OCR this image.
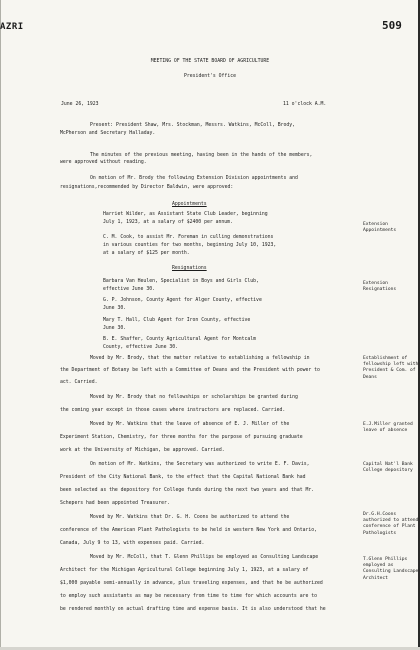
AZRI	509
MEETING OF THE STATE BOARD OF AGRICULTURE
President's Office
June 26, 1923	11 o'clock A.M.
Present: President Shaw, Mrs. Stockman, Messrs. Watkins, McColl, Brody,
McPherson and Secretary Halladay.
The minutes of the previous meeting, having been in the hands of the members,
were approved without reading.
On motion of Mr. Brody the following Extension Division appointments and
resignations,recommended by Director Baldwin, were approved:
Appointments
Harriet Wilder, as Assistant State Club Leader, beginning
July 1, 1923, at a salary of $2400 per annum.	Extension Appointments
C. M. Cook, to assist Mr. Foreman in culling demonstrations
in various counties for two months, beginning July 10, 1923,
at a salary of $125 per month.
Resignations
Barbara Van Heulen, Specialist in Boys and Girls Club,
effective June 30.
Extension Resignations
G. P. Johnson, County Agent for Alger County, effective
June 30.
Mary T. Hall, Club Agent for Iron County, effective
June 30.
B. E. Shaffer, County Agricultural Agent for Montcalm
County, effective June 30.
Moved by Mr. Brody, that the matter relative to establishing a fellowship in
the Department of Botany be left with a Committee of Deans and the President with power to
act. Carried.
Establishment of fellowship left with President & Com. of Deans
Moved by Mr. Brody that no fellowships or scholarships be granted during
the coming year except in those cases where instructors are replaced. Carried.
Moved by Mr. Watkins that the leave of absence of E. J. Miller of the
Experiment Station, Chemistry, for three months for the purpose of pursuing graduate
work at the University of Michigan, be approved. Carried.
E.J.Miller granted leave of absence
On motion of Mr. Watkins, the Secretary was authorized to write E. F. Davis,
President of the City National Bank, to the effect that the Capital National Bank had
been selected as the depository for College funds during the next two years and that Mr.
Schepers had been appointed Treasurer.
Capital Nat'l Bank College depository
Moved by Mr. Watkins that Dr. G. H. Coons be authorized to attend the
conference of the American Plant Pathologists to be held in western New York and Ontario,
Canada, July 9 to 13, with expenses paid. Carried.
Dr.G.H.Coons authorized to attend conference of Plant Pathologists
Moved by Mr. McColl, that T. Glenn Phillips be employed as Consulting Landscape
Architect for the Michigan Agricultural College beginning July 1, 1923, at a salary of
$1,000 payable semi-annually in advance, plus traveling expenses, and that he be authorized
to employ such assistants as may be necessary from time to time for which accounts are to
be rendered monthly on actual drafting time and expense basis. It is also understood that he
T.Glenn Phillips employed as Consulting Landscape Architect
